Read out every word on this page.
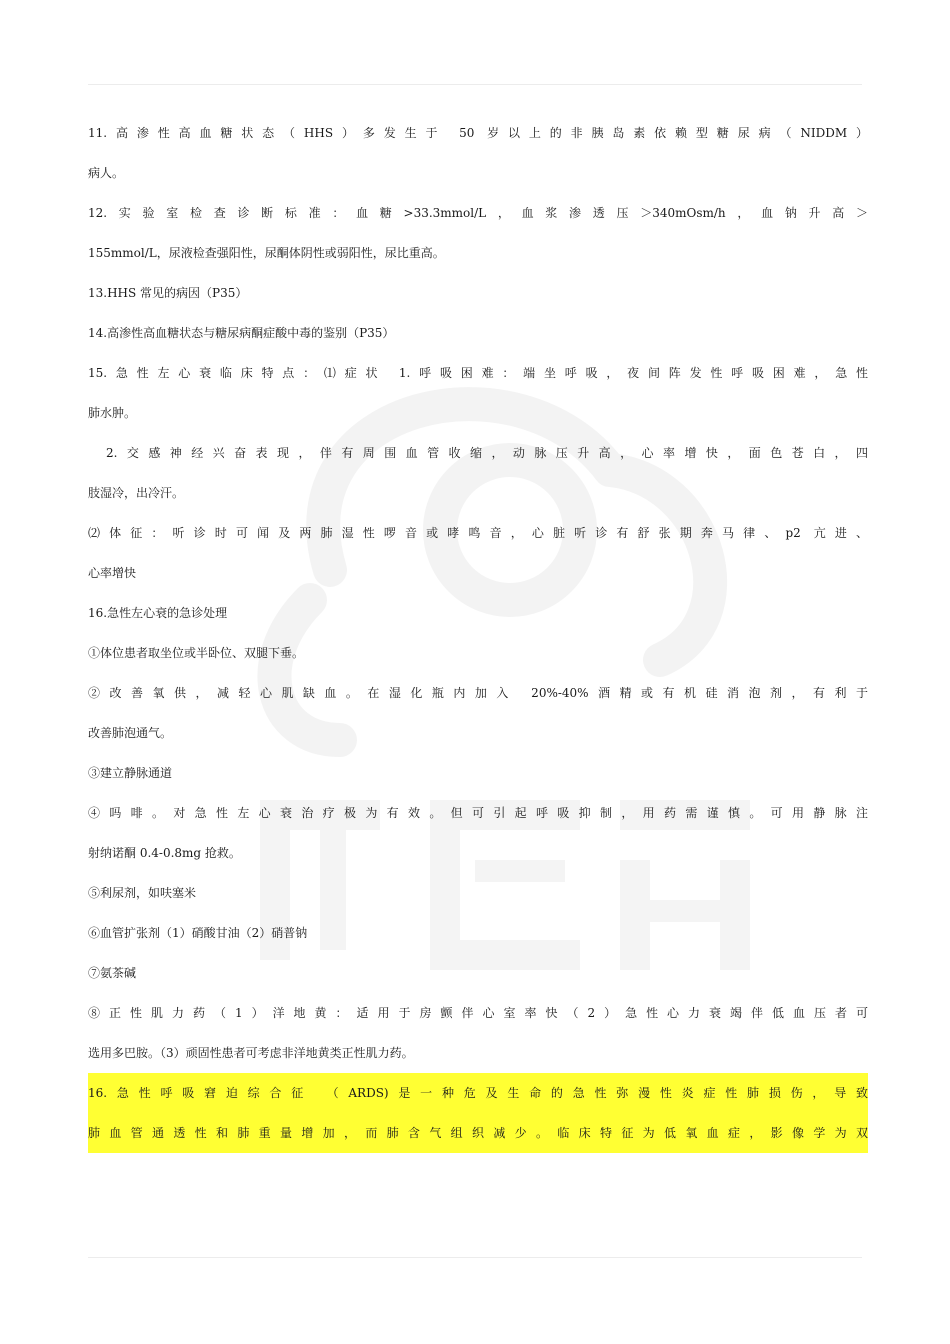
11.高渗性高血糖状态（HHS）多发生于 50 岁以上的非胰岛素依赖型糖尿病（NIDDM）
病人。
12.实验室检查诊断标准：血糖>33.3mmol/L，血浆渗透压＞340mOsm/h，血钠升高＞
155mmol/L，尿液检查强阳性，尿酮体阴性或弱阳性，尿比重高。
13.HHS 常见的病因（P35）
14.高渗性高血糖状态与糖尿病酮症酸中毒的鉴别（P35）
15.急性左心衰临床特点：⑴症状 1.呼吸困难：端坐呼吸，夜间阵发性呼吸困难，急性
肺水肿。
2.交感神经兴奋表现，伴有周围血管收缩，动脉压升高，心率增快，面色苍白，四
肢湿冷，出冷汗。
⑵体征：听诊时可闻及两肺湿性啰音或哮鸣音，心脏听诊有舒张期奔马律、p2 亢进、
心率增快
16.急性左心衰的急诊处理
①体位患者取坐位或半卧位、双腿下垂。
②改善氧供，减轻心肌缺血。在湿化瓶内加入 20%-40%酒精或有机硅消泡剂，有利于
改善肺泡通气。
③建立静脉通道
④吗啡。对急性左心衰治疗极为有效。但可引起呼吸抑制，用药需谨慎。可用静脉注
射纳诺酮 0.4-0.8mg 抢救。
⑤利尿剂，如呋塞米
⑥血管扩张剂（1）硝酸甘油（2）硝普钠
⑦氨茶碱
⑧正性肌力药（1）洋地黄：适用于房颤伴心室率快（2）急性心力衰竭伴低血压者可
选用多巴胺。（3）顽固性患者可考虑非洋地黄类正性肌力药。
16.急性呼吸窘迫综合征 （ARDS)是一种危及生命的急性弥漫性炎症性肺损伤，导致
肺血管通透性和肺重量增加，而肺含气组织减少。临床特征为低氧血症，影像学为双
